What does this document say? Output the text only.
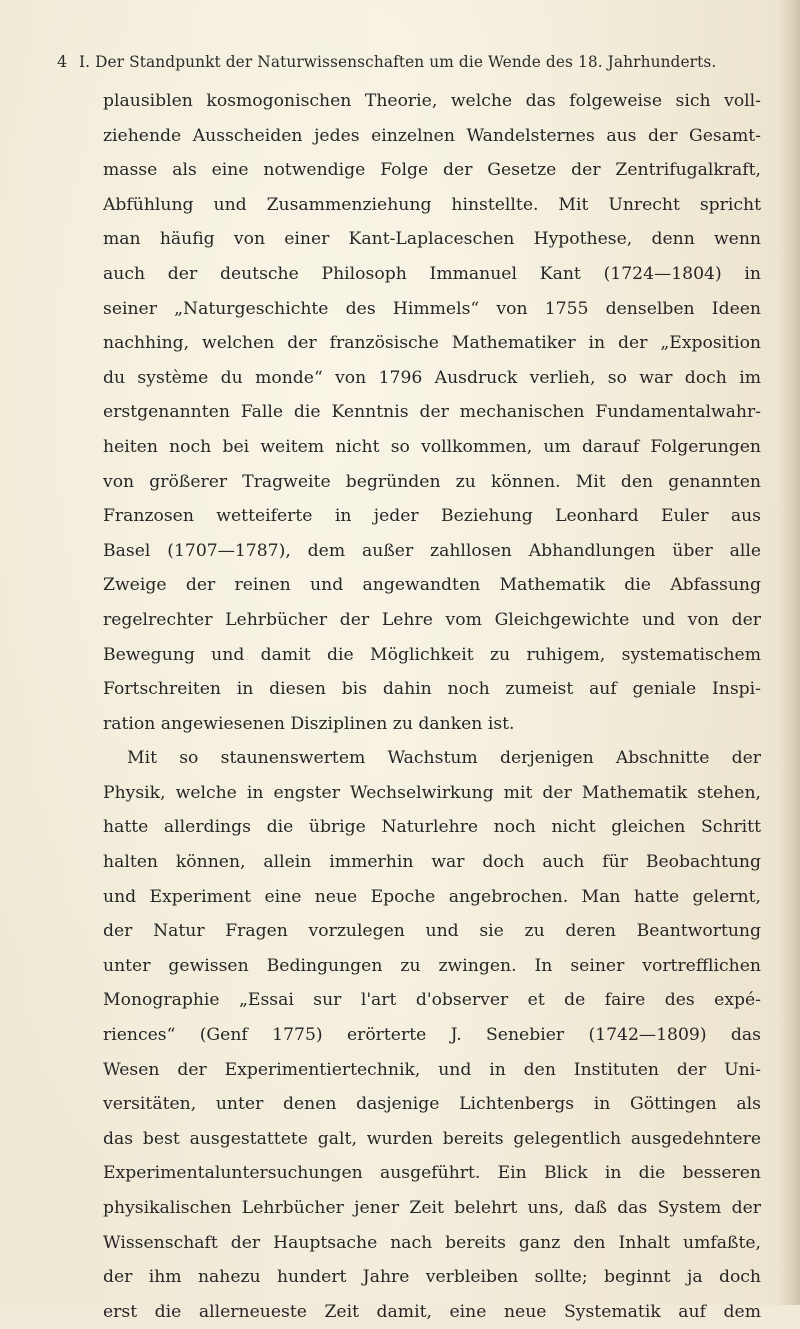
4 I. Der Standpunkt der Naturwissenschaften um die Wende des 18. Jahrhunderts.
plausiblen kosmogonischen Theorie, welche das folgeweise sich voll-
ziehende Ausscheiden jedes einzelnen Wandelsternes aus der Gesamt-
masse als eine notwendige Folge der Gesetze der Zentrifugalkraft,
Abfühlung und Zusammenziehung hinstellte. Mit Unrecht spricht
man häufig von einer Kant-Laplaceschen Hypothese, denn wenn
auch der deutsche Philosoph Immanuel Kant (1724—1804) in
seiner „Naturgeschichte des Himmels“ von 1755 denselben Ideen
nachhing, welchen der französische Mathematiker in der „Exposition
du système du monde“ von 1796 Ausdruck verlieh, so war doch im
erstgenannten Falle die Kenntnis der mechanischen Fundamentalwahr-
heiten noch bei weitem nicht so vollkommen, um darauf Folgerungen
von größerer Tragweite begründen zu können. Mit den genannten
Franzosen wetteiferte in jeder Beziehung Leonhard Euler aus
Basel (1707—1787), dem außer zahllosen Abhandlungen über alle
Zweige der reinen und angewandten Mathematik die Abfassung
regelrechter Lehrbücher der Lehre vom Gleichgewichte und von der
Bewegung und damit die Möglichkeit zu ruhigem, systematischem
Fortschreiten in diesen bis dahin noch zumeist auf geniale Inspi-
ration angewiesenen Disziplinen zu danken ist.
Mit so staunenswertem Wachstum derjenigen Abschnitte der
Physik, welche in engster Wechselwirkung mit der Mathematik stehen,
hatte allerdings die übrige Naturlehre noch nicht gleichen Schritt
halten können, allein immerhin war doch auch für Beobachtung
und Experiment eine neue Epoche angebrochen. Man hatte gelernt,
der Natur Fragen vorzulegen und sie zu deren Beantwortung
unter gewissen Bedingungen zu zwingen. In seiner vortrefflichen
Monographie „Essai sur l'art d'observer et de faire des expé-
riences“ (Genf 1775) erörterte J. Senebier (1742—1809) das
Wesen der Experimentiertechnik, und in den Instituten der Uni-
versitäten, unter denen dasjenige Lichtenbergs in Göttingen als
das best ausgestattete galt, wurden bereits gelegentlich ausgedehntere
Experimentaluntersuchungen ausgeführt. Ein Blick in die besseren
physikalischen Lehrbücher jener Zeit belehrt uns, daß das System der
Wissenschaft der Hauptsache nach bereits ganz den Inhalt umfaßte,
der ihm nahezu hundert Jahre verbleiben sollte; beginnt ja doch
erst die allerneueste Zeit damit, eine neue Systematik auf dem
